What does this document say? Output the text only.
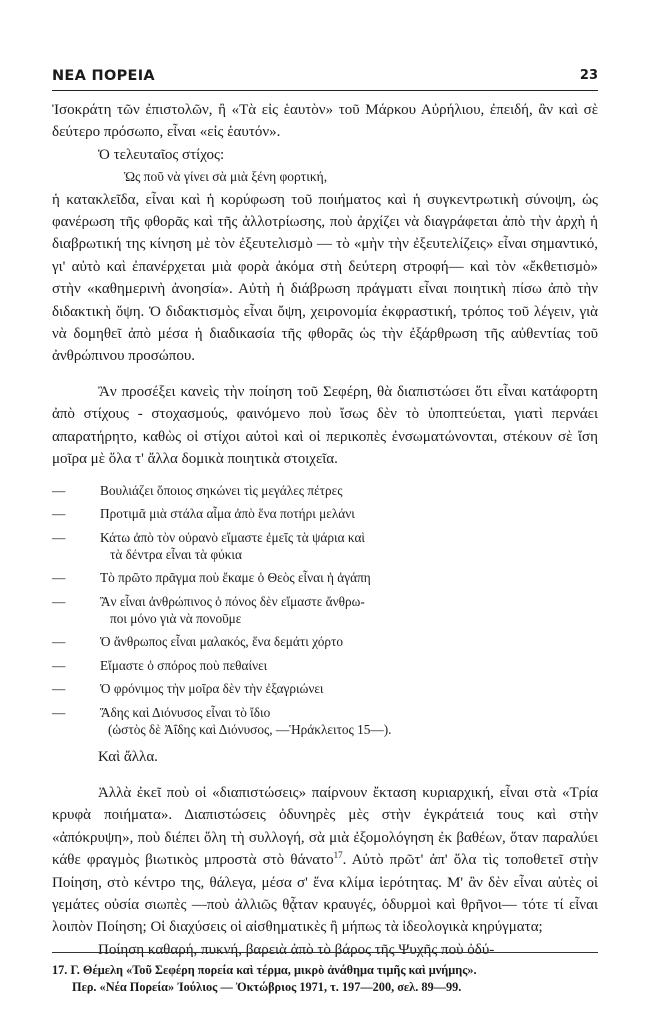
ΝΕΑ ΠΟΡΕΙΑ	23

Ἰσοκράτη τῶν ἐπιστολῶν, ἢ «Τὰ εἰς ἑαυτὸν» τοῦ Μάρκου Αὐρήλιου, ἐπειδή, ἂν καὶ σὲ δεύτερο πρόσωπο, εἶναι «εἰς ἑαυτόν».

Ὁ τελευταῖος στίχος:

Ὡς ποῦ νὰ γίνει σὰ μιὰ ξένη φορτική,

ἡ κατακλεῖδα, εἶναι καὶ ἡ κορύφωση τοῦ ποιήματος καὶ ἡ συγκεντρωτικὴ σύνοψη, ὡς φανέρωση τῆς φθορᾶς καὶ τῆς ἀλλοτρίωσης, ποὺ ἀρχίζει νὰ διαγράφεται ἀπὸ τὴν ἀρχὴ ἡ διαβρωτική της κίνηση μὲ τὸν ἐξευτελισμὸ — τὸ «μὴν τὴν ἐξευτελίζεις» εἶναι σημαντικό, γι' αὐτὸ καὶ ἐπανέρχεται μιὰ φορὰ ἀκόμα στὴ δεύτερη στροφή— καὶ τὸν «ἔκθετισμὸ» στὴν «καθημερινὴ ἀνοησία». Αὐτὴ ἡ διάβρωση πράγματι εἶναι ποιητικὴ πίσω ἀπὸ τὴν διδακτικὴ ὄψη. Ὁ διδακτισμὸς εἶναι ὄψη, χειρονομία ἐκφραστική, τρόπος τοῦ λέγειν, γιὰ νὰ δομηθεῖ ἀπὸ μέσα ἡ διαδικασία τῆς φθορᾶς ὡς τὴν ἐξάρθρωση τῆς αὐθεντίας τοῦ ἀνθρώπινου προσώπου.

Ἂν προσέξει κανεὶς τὴν ποίηση τοῦ Σεφέρη, θὰ διαπιστώσει ὅτι εἶναι κατάφορτη ἀπὸ στίχους - στοχασμούς, φαινόμενο ποὺ ἴσως δὲν τὸ ὑποπτεύεται, γιατὶ περνάει απαρατήρητο, καθὼς οἱ στίχοι αὐτοὶ καὶ οἱ περικοπὲς ἐνσωματώνονται, στέκουν σὲ ἴση μοῖρα μὲ ὅλα τ' ἄλλα δομικὰ ποιητικὰ στοιχεῖα.

—	Βουλιάζει ὅποιος σηκώνει τὶς μεγάλες πέτρες
—	Προτιμᾶ μιὰ στάλα αἷμα ἀπὸ ἕνα ποτήρι μελάνι
—	Κάτω ἀπὸ τὸν οὐρανὸ εἴμαστε ἐμεῖς τὰ ψάρια καὶ
τὰ δέντρα εἶναι τὰ φύκια
—	Τὸ πρῶτο πρᾶγμα ποὺ ἔκαμε ὁ Θεὸς εἶναι ἡ ἀγάπη
—	Ἂν εἶναι ἀνθρώπινος ὁ πόνος δὲν εἴμαστε ἄνθρω-
ποι μόνο γιὰ νὰ πονοῦμε
—	Ὁ ἄνθρωπος εἶναι μαλακός, ἕνα δεμάτι χόρτο
—	Εἴμαστε ὁ σπόρος ποὺ πεθαίνει
—	Ὁ φρόνιμος τὴν μοῖρα δὲν τὴν ἐξαγριώνει
—	Ἅδης καὶ Διόνυσος εἶναι τὸ ἴδιο
(ὡστὸς δὲ Ἀΐδης καὶ Διόνυσος, —Ἡράκλειτος 15—).

Καὶ ἄλλα.

Ἀλλὰ ἐκεῖ ποὺ οἱ «διαπιστώσεις» παίρνουν ἔκταση κυριαρχική, εἶναι στὰ «Τρία κρυφὰ ποιήματα». Διαπιστώσεις ὀδυνηρὲς μὲς στὴν ἐγκράτειά τους καὶ στὴν «ἀπόκρυψη», ποὺ διέπει ὅλη τὴ συλλογή, σὰ μιὰ ἐξομολόγηση ἐκ βαθέων, ὅταν παραλύει κάθε φραγμὸς βιωτικὸς μπροστὰ στὸ θάνατο$^{17}$. Αὐτὸ πρῶτ' ἀπ' ὅλα τὶς τοποθετεῖ στὴν Ποίηση, στὸ κέντρο της, θάλεγα, μέσα σ' ἕνα κλίμα ἱερότητας. Μ' ἂν δὲν εἶναι αὐτὲς οἱ γεμάτες οὐσία σιωπὲς —ποὺ ἀλλιῶς θᾆταν κραυγές, ὀδυρμοὶ καὶ θρῆνοι— τότε τί εἶναι λοιπὸν Ποίηση; Οἱ διαχύσεις οἱ αἰσθηματικὲς ἢ μήπως τὰ ἰδεολογικὰ κηρύγματα;

Ποίηση καθαρή, πυκνή, βαρειὰ ἀπὸ τὸ βάρος τῆς Ψυχῆς ποὺ ὀδύ-

17. Γ. Θέμελη «Τοῦ Σεφέρη πορεία καὶ τέρμα, μικρὸ ἀνάθημα τιμῆς καὶ μνήμης».
Περ. «Νέα Πορεία» Ἰούλιος — Ὀκτώβριος 1971, τ. 197—200, σελ. 89—99.
